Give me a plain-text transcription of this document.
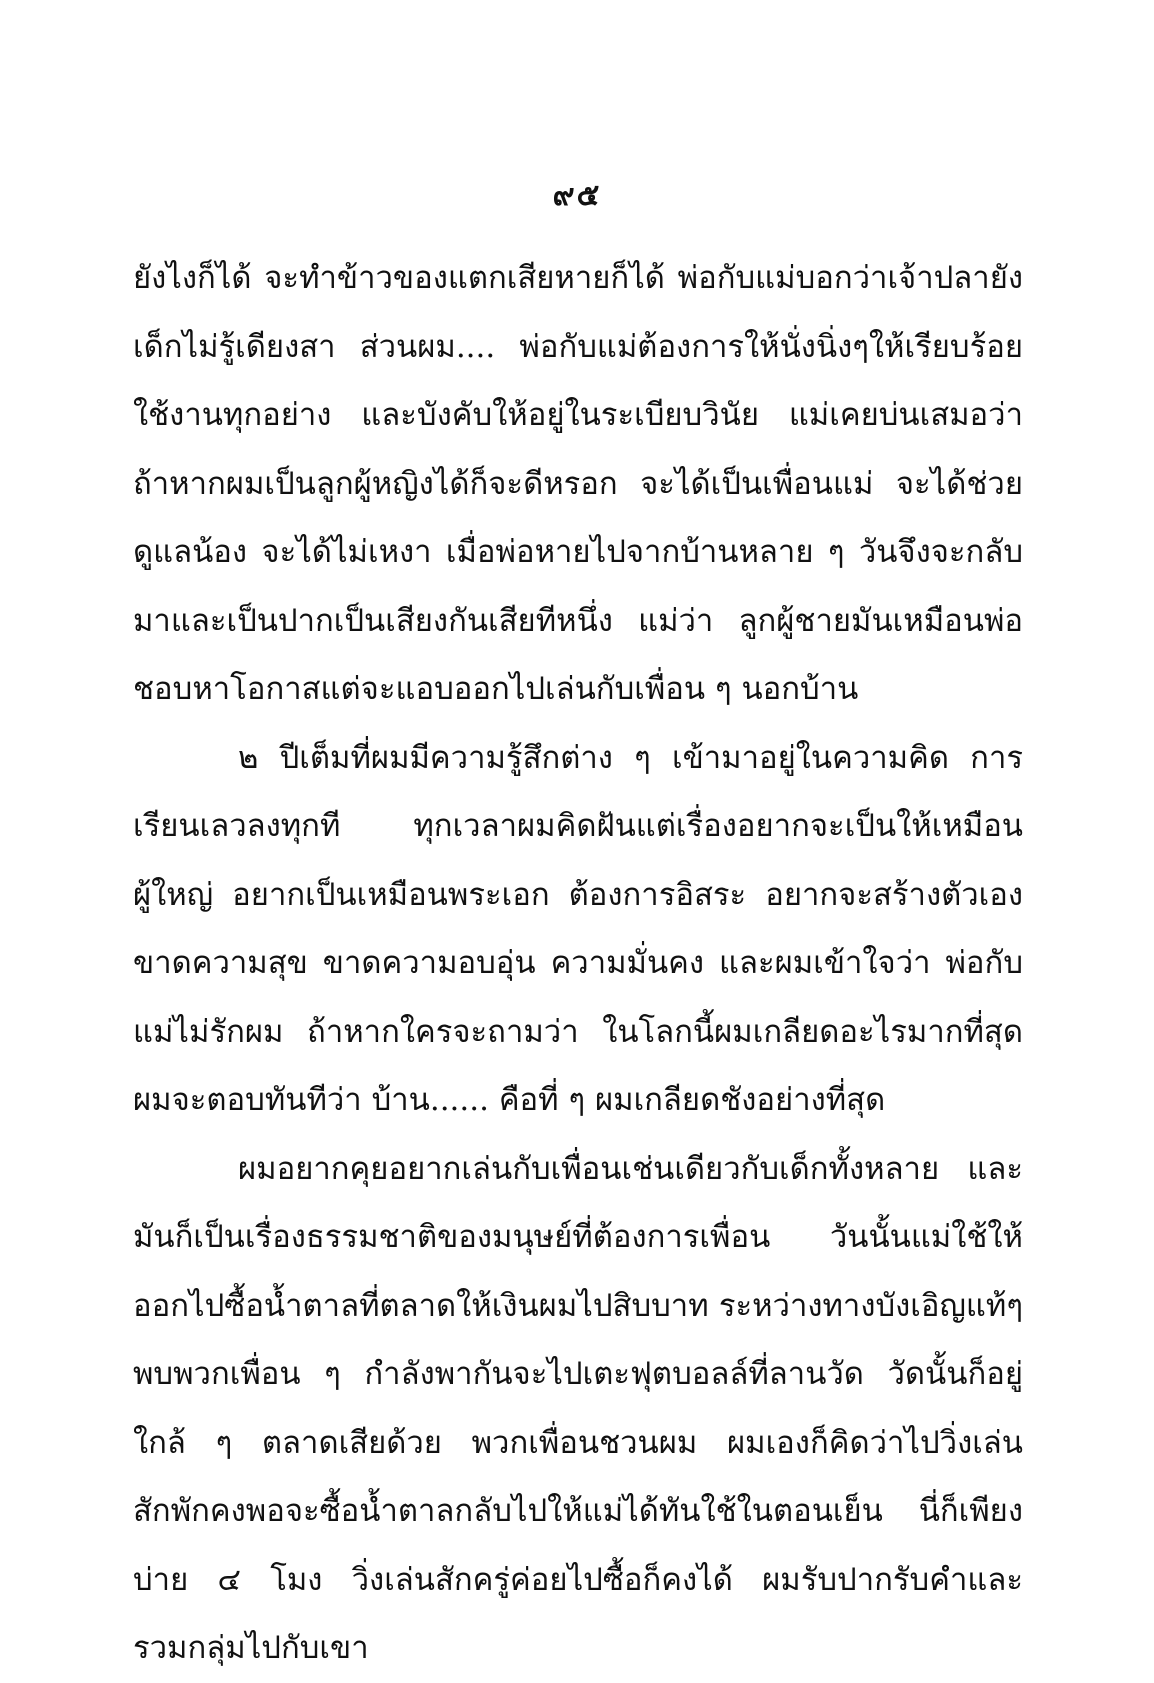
๙๕
ยังไงก็ได้ จะทำข้าวของแตกเสียหายก็ได้ พ่อกับแม่บอกว่าเจ้าปลายัง
เด็กไม่รู้เดียงสา ส่วนผม.... พ่อกับแม่ต้องการให้นั่งนิ่งๆให้เรียบร้อย
ใช้งานทุกอย่าง และบังคับให้อยู่ในระเบียบวินัย แม่เคยบ่นเสมอว่า
ถ้าหากผมเป็นลูกผู้หญิงได้ก็จะดีหรอก จะได้เป็นเพื่อนแม่ จะได้ช่วย
ดูแลน้อง จะได้ไม่เหงา เมื่อพ่อหายไปจากบ้านหลาย ๆ วันจึงจะกลับ
มาและเป็นปากเป็นเสียงกันเสียทีหนึ่ง แม่ว่า ลูกผู้ชายมันเหมือนพ่อ
ชอบหาโอกาสแต่จะแอบออกไปเล่นกับเพื่อน ๆ นอกบ้าน
๒ ปีเต็มที่ผมมีความรู้สึกต่าง ๆ เข้ามาอยู่ในความคิด การ
เรียนเลวลงทุกที ทุกเวลาผมคิดฝันแต่เรื่องอยากจะเป็นให้เหมือน
ผู้ใหญ่ อยากเป็นเหมือนพระเอก ต้องการอิสระ อยากจะสร้างตัวเอง
ขาดความสุข ขาดความอบอุ่น ความมั่นคง และผมเข้าใจว่า พ่อกับ
แม่ไม่รักผม ถ้าหากใครจะถามว่า ในโลกนี้ผมเกลียดอะไรมากที่สุด
ผมจะตอบทันทีว่า บ้าน...... คือที่ ๆ ผมเกลียดชังอย่างที่สุด
ผมอยากคุยอยากเล่นกับเพื่อนเช่นเดียวกับเด็กทั้งหลาย และ
มันก็เป็นเรื่องธรรมชาติของมนุษย์ที่ต้องการเพื่อน วันนั้นแม่ใช้ให้
ออกไปซื้อน้ำตาลที่ตลาดให้เงินผมไปสิบบาท ระหว่างทางบังเอิญแท้ๆ
พบพวกเพื่อน ๆ กำลังพากันจะไปเตะฟุตบอลล์ที่ลานวัด วัดนั้นก็อยู่
ใกล้ ๆ ตลาดเสียด้วย พวกเพื่อนชวนผม ผมเองก็คิดว่าไปวิ่งเล่น
สักพักคงพอจะซื้อน้ำตาลกลับไปให้แม่ได้ทันใช้ในตอนเย็น นี่ก็เพียง
บ่าย ๔ โมง วิ่งเล่นสักครู่ค่อยไปซื้อก็คงได้ ผมรับปากรับคำและ
รวมกลุ่มไปกับเขา
